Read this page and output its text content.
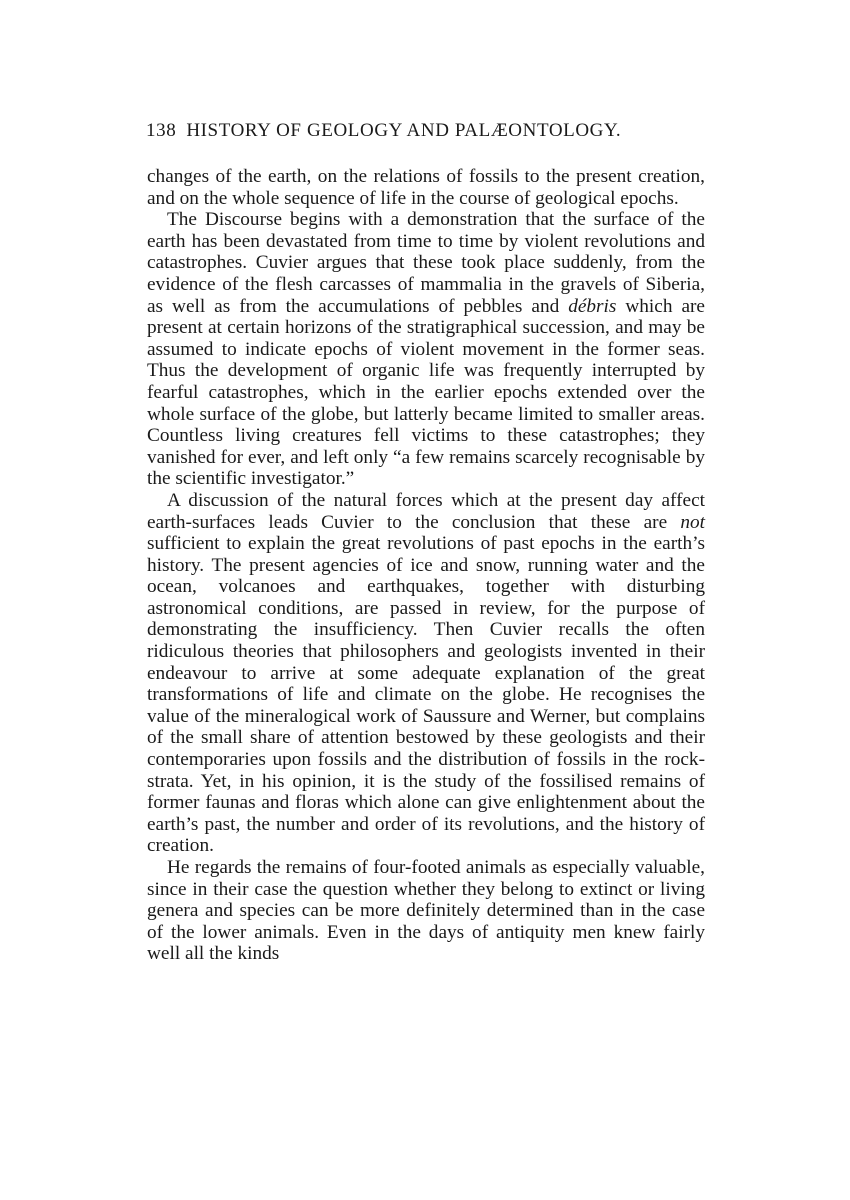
138 HISTORY OF GEOLOGY AND PALÆONTOLOGY.

changes of the earth, on the relations of fossils to the present creation, and on the whole sequence of life in the course of geological epochs.

The Discourse begins with a demonstration that the surface of the earth has been devastated from time to time by violent revolutions and catastrophes. Cuvier argues that these took place suddenly, from the evidence of the flesh carcasses of mammalia in the gravels of Siberia, as well as from the accumulations of pebbles and débris which are present at certain horizons of the stratigraphical succession, and may be assumed to indicate epochs of violent movement in the former seas. Thus the development of organic life was frequently interrupted by fearful catastrophes, which in the earlier epochs extended over the whole surface of the globe, but latterly became limited to smaller areas. Countless living creatures fell victims to these catastrophes; they vanished for ever, and left only “a few remains scarcely recognisable by the scientific investigator.”

A discussion of the natural forces which at the present day affect earth-surfaces leads Cuvier to the conclusion that these are not sufficient to explain the great revolutions of past epochs in the earth’s history. The present agencies of ice and snow, running water and the ocean, volcanoes and earthquakes, together with disturbing astronomical conditions, are passed in review, for the purpose of demonstrating the insufficiency. Then Cuvier recalls the often ridiculous theories that philosophers and geologists invented in their endeavour to arrive at some adequate explanation of the great transformations of life and climate on the globe. He recognises the value of the mineralogical work of Saussure and Werner, but complains of the small share of attention bestowed by these geologists and their contemporaries upon fossils and the distribution of fossils in the rock-strata. Yet, in his opinion, it is the study of the fossilised remains of former faunas and floras which alone can give enlightenment about the earth’s past, the number and order of its revolutions, and the history of creation.

He regards the remains of four-footed animals as especially valuable, since in their case the question whether they belong to extinct or living genera and species can be more definitely determined than in the case of the lower animals. Even in the days of antiquity men knew fairly well all the kinds
